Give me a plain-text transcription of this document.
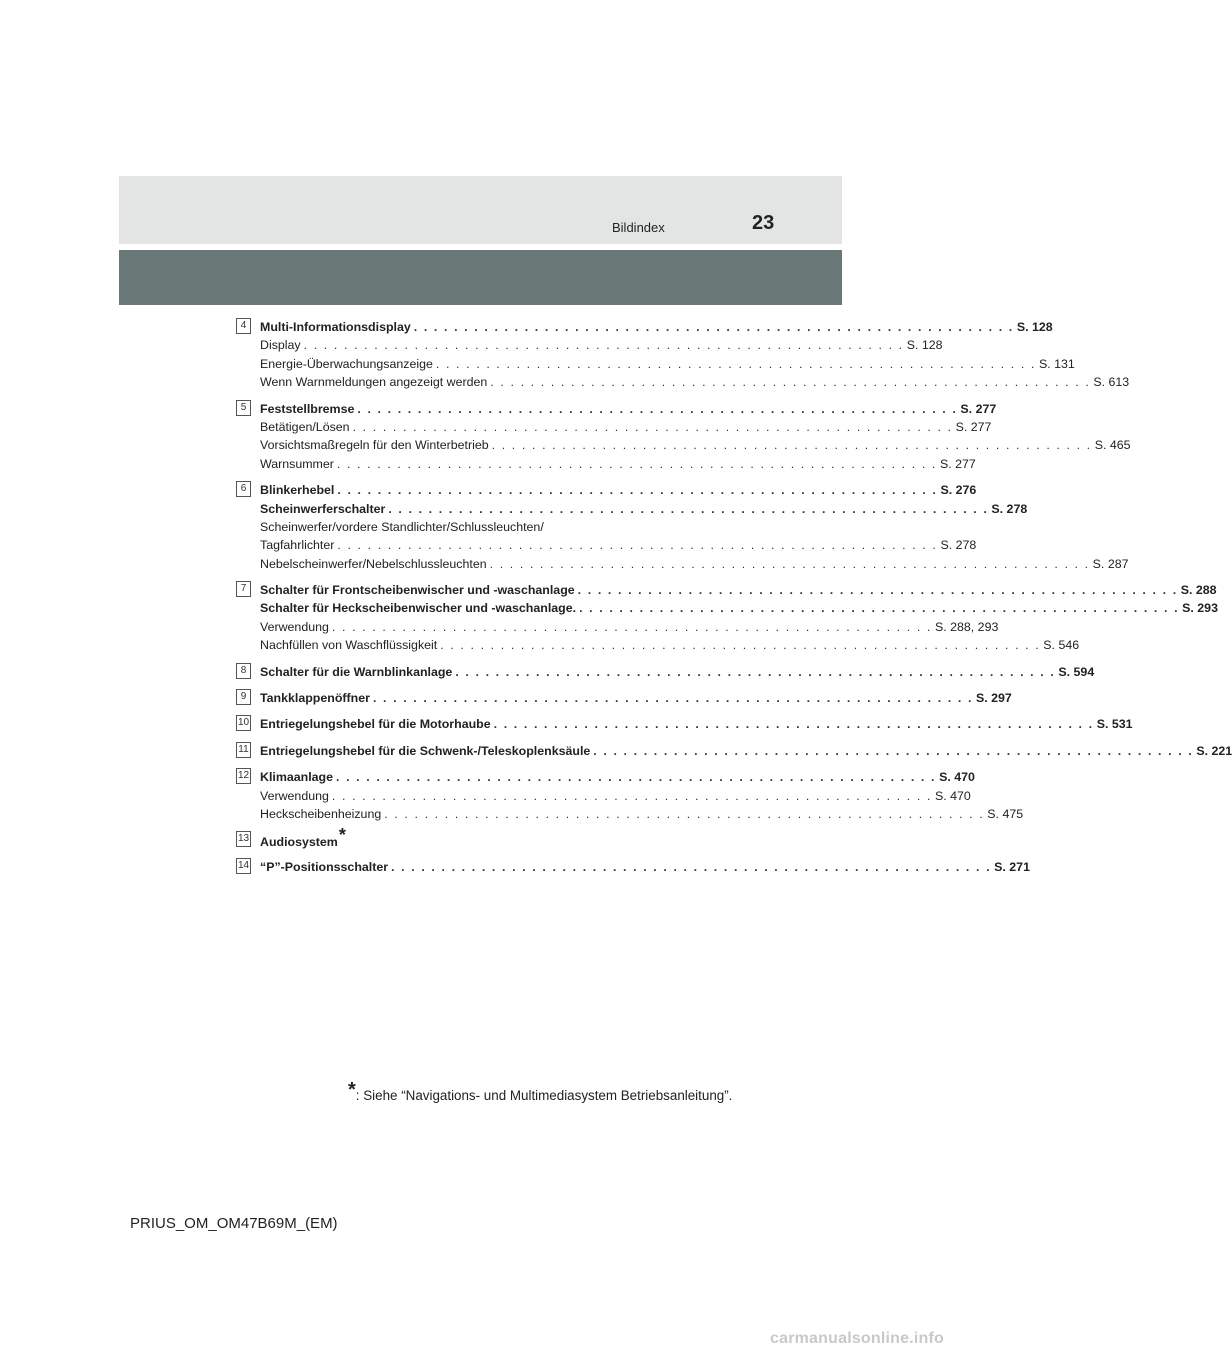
Bildindex	23
4	Multi-Informationsdisplay . . . . . . . . . . . . . . . . . . . . . . . . . . . . . . . . . . . . . . . . . . . . . . . . . . . . . . . . . . . . S. 128
Display . . . . . . . . . . . . . . . . . . . . . . . . . . . . . . . . . . . . . . . . . . . . . . . . . . . . . . . . . . . . S. 128
Energie-Überwachungsanzeige . . . . . . . . . . . . . . . . . . . . . . . . . . . . . . . . . . . . . . . . . . . . . . . . . . . . . . . . . . . . S. 131
Wenn Warnmeldungen angezeigt werden . . . . . . . . . . . . . . . . . . . . . . . . . . . . . . . . . . . . . . . . . . . . . . . . . . . . . . . . . . . . S. 613
5	Feststellbremse . . . . . . . . . . . . . . . . . . . . . . . . . . . . . . . . . . . . . . . . . . . . . . . . . . . . . . . . . . . . S. 277
Betätigen/Lösen . . . . . . . . . . . . . . . . . . . . . . . . . . . . . . . . . . . . . . . . . . . . . . . . . . . . . . . . . . . . S. 277
Vorsichtsmaßregeln für den Winterbetrieb . . . . . . . . . . . . . . . . . . . . . . . . . . . . . . . . . . . . . . . . . . . . . . . . . . . . . . . . . . . . S. 465
Warnsummer . . . . . . . . . . . . . . . . . . . . . . . . . . . . . . . . . . . . . . . . . . . . . . . . . . . . . . . . . . . . S. 277
6	Blinkerhebel . . . . . . . . . . . . . . . . . . . . . . . . . . . . . . . . . . . . . . . . . . . . . . . . . . . . . . . . . . . . S. 276
Scheinwerferschalter . . . . . . . . . . . . . . . . . . . . . . . . . . . . . . . . . . . . . . . . . . . . . . . . . . . . . . . . . . . . S. 278
Scheinwerfer/vordere Standlichter/Schlussleuchten/
Tagfahrlichter . . . . . . . . . . . . . . . . . . . . . . . . . . . . . . . . . . . . . . . . . . . . . . . . . . . . . . . . . . . . S. 278
Nebelscheinwerfer/Nebelschlussleuchten . . . . . . . . . . . . . . . . . . . . . . . . . . . . . . . . . . . . . . . . . . . . . . . . . . . . . . . . . . . . S. 287
7	Schalter für Frontscheibenwischer und -waschanlage . . . . . . . . . . . . . . . . . . . . . . . . . . . . . . . . . . . . . . . . . . . . . . . . . . . . . . . . . . . . S. 288
Schalter für Heckscheibenwischer und -waschanlage. . . . . . . . . . . . . . . . . . . . . . . . . . . . . . . . . . . . . . . . . . . . . . . . . . . . . . . . . . . . . S. 293
Verwendung . . . . . . . . . . . . . . . . . . . . . . . . . . . . . . . . . . . . . . . . . . . . . . . . . . . . . . . . . . . . S. 288, 293
Nachfüllen von Waschflüssigkeit . . . . . . . . . . . . . . . . . . . . . . . . . . . . . . . . . . . . . . . . . . . . . . . . . . . . . . . . . . . . S. 546
8	Schalter für die Warnblinkanlage . . . . . . . . . . . . . . . . . . . . . . . . . . . . . . . . . . . . . . . . . . . . . . . . . . . . . . . . . . . . S. 594
9	Tankklappenöffner . . . . . . . . . . . . . . . . . . . . . . . . . . . . . . . . . . . . . . . . . . . . . . . . . . . . . . . . . . . . S. 297
10 Entriegelungshebel für die Motorhaube . . . . . . . . . . . . . . . . . . . . . . . . . . . . . . . . . . . . . . . . . . . . . . . . . . . . . . . . . . . . S. 531
11 Entriegelungshebel für die Schwenk-/Teleskoplenksäule . . . . . . . . . . . . . . . . . . . . . . . . . . . . . . . . . . . . . . . . . . . . . . . . . . . . . . . . . . . . S. 221
12 Klimaanlage . . . . . . . . . . . . . . . . . . . . . . . . . . . . . . . . . . . . . . . . . . . . . . . . . . . . . . . . . . . . S. 470
Verwendung . . . . . . . . . . . . . . . . . . . . . . . . . . . . . . . . . . . . . . . . . . . . . . . . . . . . . . . . . . . . S. 470
Heckscheibenheizung . . . . . . . . . . . . . . . . . . . . . . . . . . . . . . . . . . . . . . . . . . . . . . . . . . . . . . . . . . . . S. 475
13 Audiosystem *
14 “P”-Positionsschalter . . . . . . . . . . . . . . . . . . . . . . . . . . . . . . . . . . . . . . . . . . . . . . . . . . . . . . . . . . . . S. 271
*: Siehe “Navigations- und Multimediasystem Betriebsanleitung”.
PRIUS_OM_OM47B69M_(EM)
carmanualsonline.info
